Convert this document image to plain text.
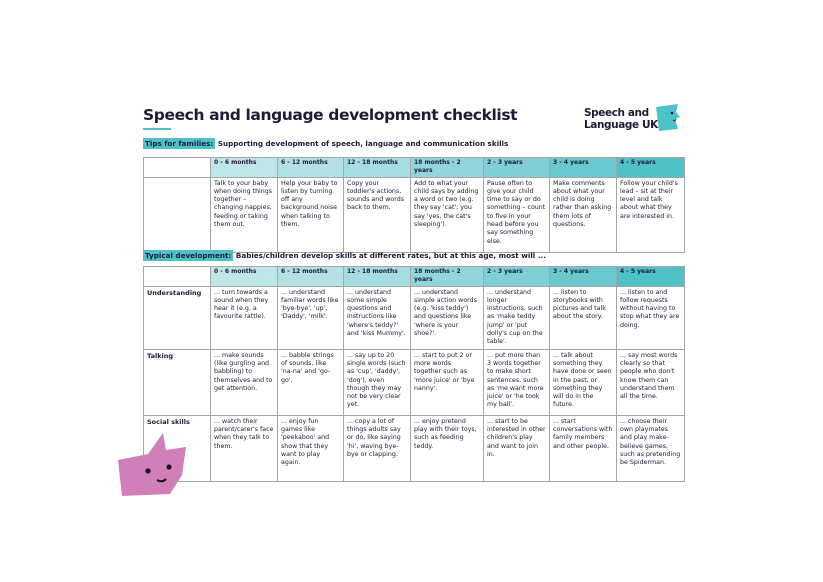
Speech and language development checklist	Speech and
Language UK
Tips for families: Supporting development of speech, language and communication skills
	0 - 6 months	6 - 12 months	12 - 18 months	18 months - 2 years	2 - 3 years	3 - 4 years	4 - 5 years
	Talk to your baby when doing things together – changing nappies, feeding or taking them out.	Help your baby to listen by turning off any background noise when talking to them.	Copy your toddler's actions, sounds and words back to them.	Add to what your child says by adding a word or two (e.g. they say 'cat'; you say 'yes, the cat's sleeping').	Pause often to give your child time to say or do something – count to five in your head before you say something else.	Make comments about what your child is doing rather than asking them lots of questions.	Follow your child's lead – sit at their level and talk about what they are interested in.
Typical development: Babies/children develop skills at different rates, but at this age, most will ...
	0 - 6 months	6 - 12 months	12 - 18 months	18 months - 2 years	2 - 3 years	3 - 4 years	4 - 5 years
Understanding	... turn towards a sound when they hear it (e.g. a favourite rattle).	... understand familiar words like 'bye-bye', 'up', 'Daddy', 'milk'.	... understand some simple questions and instructions like 'where's teddy?' and 'kiss Mummy'.	... understand simple action words (e.g. 'kiss teddy') and questions like 'where is your shoe?'.	... understand longer instructions, such as 'make teddy jump' or 'put dolly's cup on the table'.	... listen to storybooks with pictures and talk about the story.	... listen to and follow requests without having to stop what they are doing.
Talking	... make sounds (like gurgling and babbling) to themselves and to get attention.	... babble strings of sounds, like 'na-na' and 'go-go'.	... say up to 20 single words (such as 'cup', 'daddy', 'dog'), even though they may not be very clear yet.	... start to put 2 or more words together such as 'more juice' or 'bye nanny'.	... put more than 3 words together to make short sentences, such as 'me want more juice' or 'he took my ball'.	... talk about something they have done or seen in the past, or something they will do in the future.	... say most words clearly so that people who don't know them can understand them all the time.
Social skills	... watch their parent/carer's face when they talk to them.	... enjoy fun games like 'peekaboo' and show that they want to play again.	... copy a lot of things adults say or do, like saying 'hi', waving bye-bye or clapping.	... enjoy pretend play with their toys, such as feeding teddy.	... start to be interested in other children's play and want to join in.	... start conversations with family members and other people.	... choose their own playmates and play make-believe games, such as pretending be Spiderman.
